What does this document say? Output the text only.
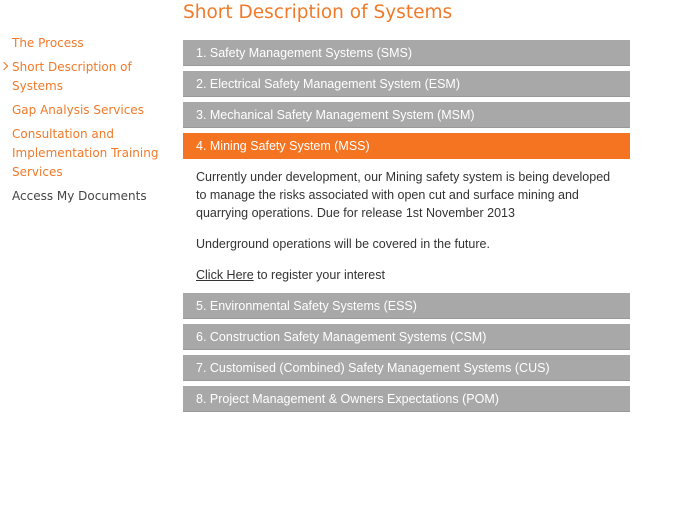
The Process
Short Description of Systems
Gap Analysis Services
Consultation and Implementation Training Services
Access My Documents
Short Description of Systems
1. Safety Management Systems (SMS)
2. Electrical Safety Management System (ESM)
3. Mechanical Safety Management System (MSM)
4. Mining Safety System (MSS)

Currently under development, our Mining safety system is being developed to manage the risks associated with open cut and surface mining and quarrying operations. Due for release 1st November 2013

Underground operations will be covered in the future.

Click Here to register your interest

5. Environmental Safety Systems (ESS)
6. Construction Safety Management Systems (CSM)
7. Customised (Combined) Safety Management Systems (CUS)
8. Project Management & Owners Expectations (POM)
